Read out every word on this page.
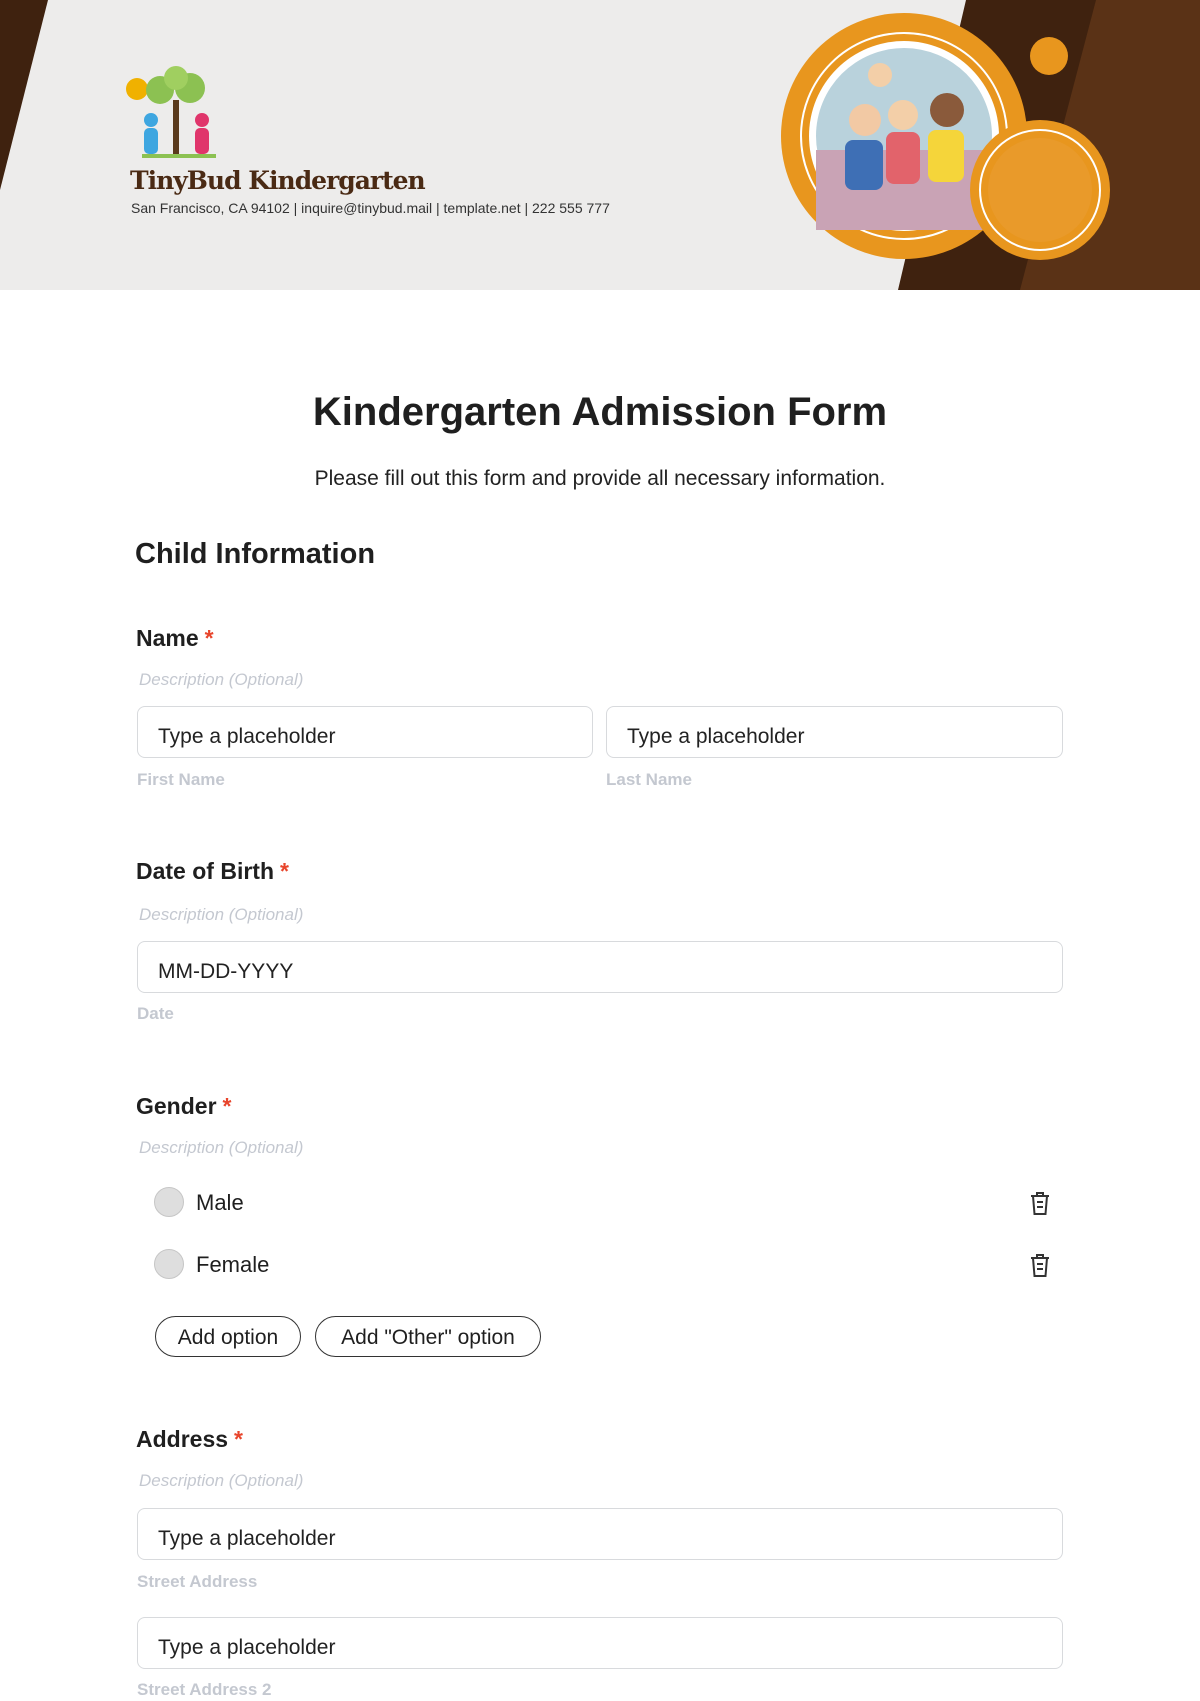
TinyBud Kindergarten
San Francisco, CA 94102 | inquire@tinybud.mail | template.net | 222 555 777
Kindergarten Admission Form
Please fill out this form and provide all necessary information.
Child Information
Name *
Description (Optional)
Type a placeholder	Type a placeholder
First Name	Last Name
Date of Birth *
Description (Optional)
MM-DD-YYYY
Date
Gender *
Description (Optional)
Male
Female
Add option	Add "Other" option
Address *
Description (Optional)
Type a placeholder
Street Address
Type a placeholder
Street Address 2
